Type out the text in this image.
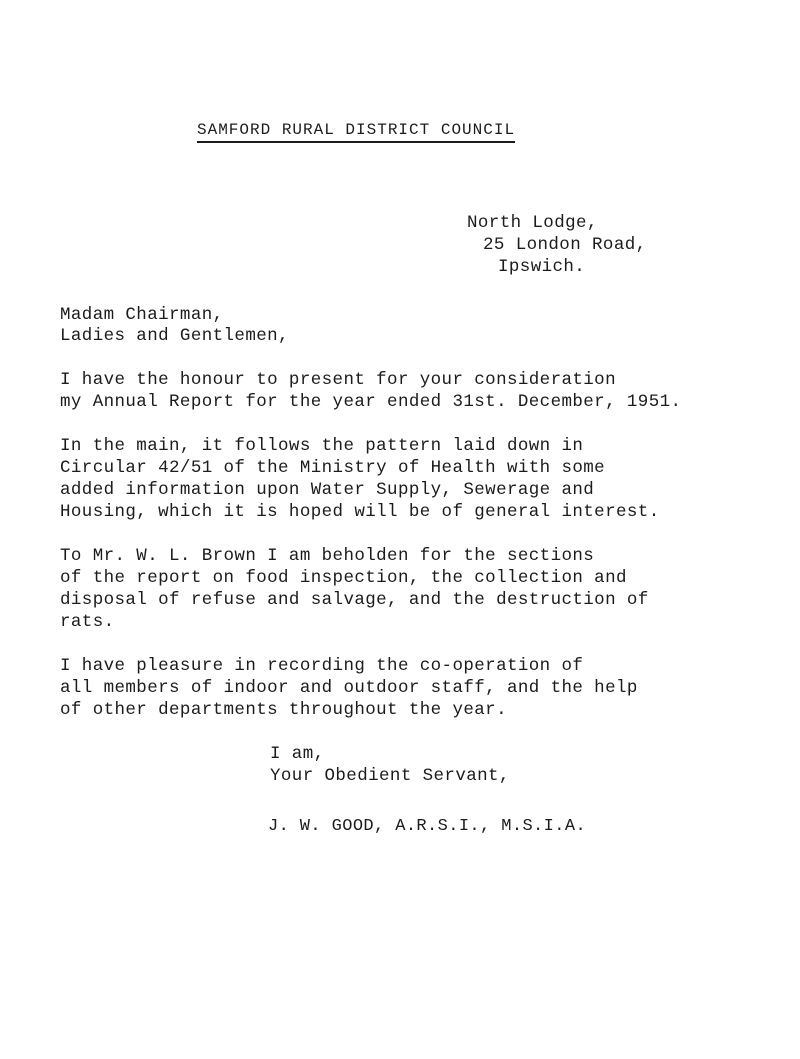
SAMFORD RURAL DISTRICT COUNCIL
North Lodge,
25 London Road,
Ipswich.
Madam Chairman,
Ladies and Gentlemen,
I have the honour to present for your consideration
my Annual Report for the year ended 31st. December, 1951.
In the main, it follows the pattern laid down in
Circular 42/51 of the Ministry of Health with some
added information upon Water Supply, Sewerage and
Housing, which it is hoped will be of general interest.
To Mr. W. L. Brown I am beholden for the sections
of the report on food inspection, the collection and
disposal of refuse and salvage, and the destruction of
rats.
I have pleasure in recording the co-operation of
all members of indoor and outdoor staff, and the help
of other departments throughout the year.
I am,
Your Obedient Servant,
J. W. GOOD, A.R.S.I., M.S.I.A.
